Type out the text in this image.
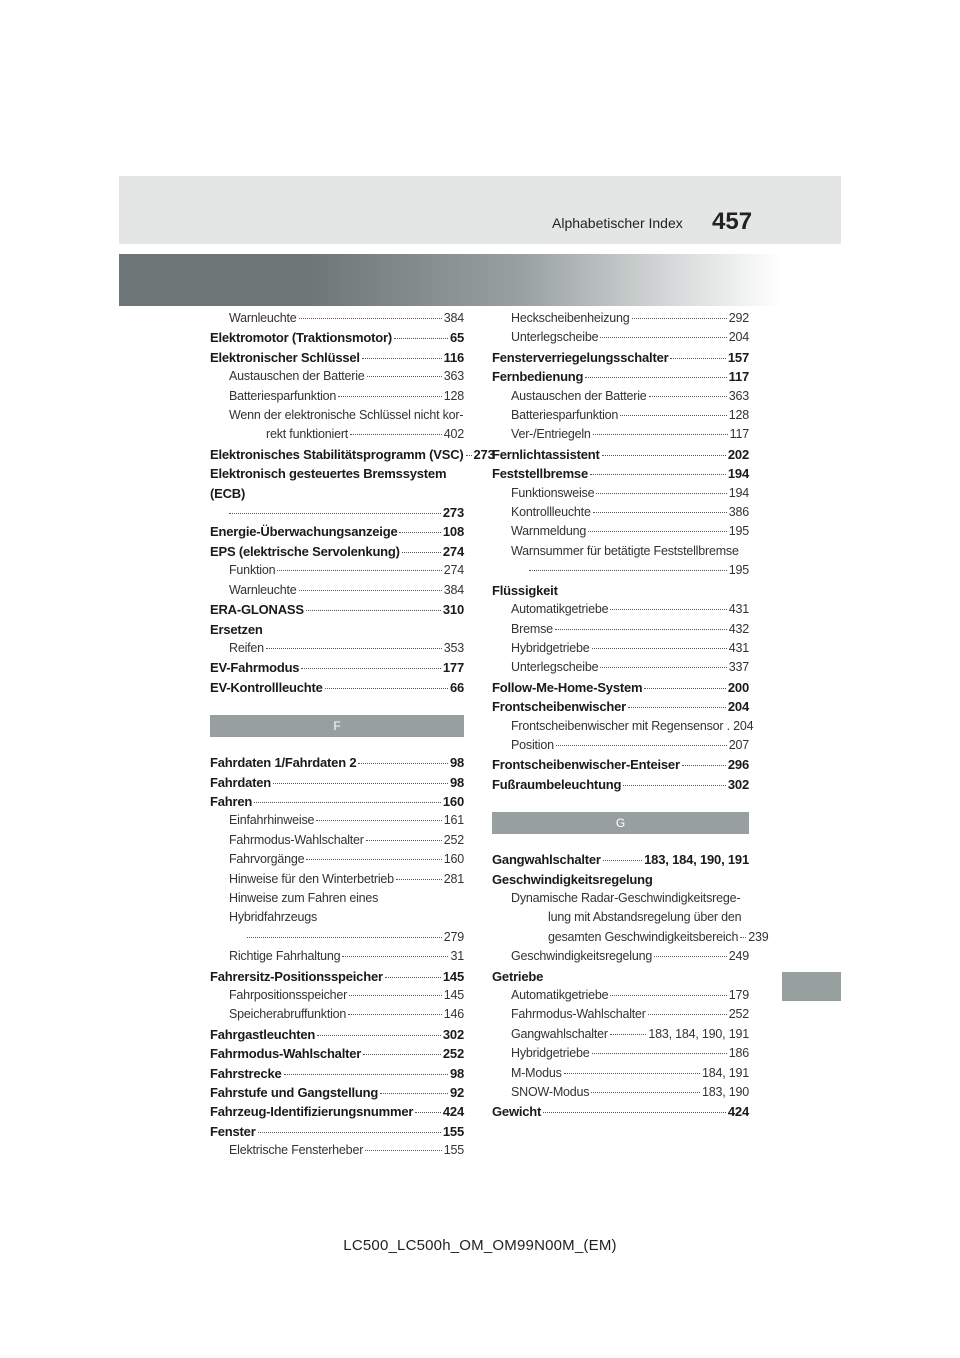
Alphabetischer Index 457
Warnleuchte	384
Elektromotor (Traktionsmotor)	65
Elektronischer Schlüssel	116
Austauschen der Batterie	363
Batteriesparfunktion	128
Wenn der elektronische Schlüssel nicht kor-
rekt funktioniert	402
Elektronisches Stabilitätsprogramm (VSC) 273
Elektronisch gesteuertes Bremssystem (ECB)
273
Energie-Überwachungsanzeige	108
EPS (elektrische Servolenkung)	274
Funktion	274
Warnleuchte	384
ERA-GLONASS	310
Ersetzen
Reifen	353
EV-Fahrmodus	177
EV-Kontrollleuchte	66
F
Fahrdaten 1/Fahrdaten 2	98
Fahrdaten	98
Fahren	160
Einfahrhinweise	161
Fahrmodus-Wahlschalter	252
Fahrvorgänge	160
Hinweise für den Winterbetrieb	281
Hinweise zum Fahren eines Hybridfahrzeugs
279
Richtige Fahrhaltung	31
Fahrersitz-Positionsspeicher	145
Fahrpositionsspeicher	145
Speicherabruffunktion	146
Fahrgastleuchten	302
Fahrmodus-Wahlschalter	252
Fahrstrecke	98
Fahrstufe und Gangstellung	92
Fahrzeug-Identifizierungsnummer 424
Fenster	155
Elektrische Fensterheber	155
Heckscheibenheizung	292
Unterlegscheibe	204
Fensterverriegelungsschalter	157
Fernbedienung	117
Austauschen der Batterie	363
Batteriesparfunktion	128
Ver-/Entriegeln	117
Fernlichtassistent	202
Feststellbremse	194
Funktionsweise	194
Kontrollleuchte	386
Warnmeldung	195
Warnsummer für betätigte Feststellbremse
195
Flüssigkeit
Automatikgetriebe	431
Bremse	432
Hybridgetriebe	431
Unterlegscheibe	337
Follow-Me-Home-System	200
Frontscheibenwischer	204
Frontscheibenwischer mit Regensensor . 204
Position	207
Frontscheibenwischer-Enteiser	296
Fußraumbeleuchtung	302
G
Gangwahlschalter	183, 184, 190, 191
Geschwindigkeitsregelung
Dynamische Radar-Geschwindigkeitsrege-
lung mit Abstandsregelung über den
gesamten Geschwindigkeitsbereich 239
Geschwindigkeitsregelung	249
Getriebe
Automatikgetriebe	179
Fahrmodus-Wahlschalter	252
Gangwahlschalter	183, 184, 190, 191
Hybridgetriebe	186
M-Modus	184, 191
SNOW-Modus	183, 190
Gewicht	424
LC500_LC500h_OM_OM99N00M_(EM)
